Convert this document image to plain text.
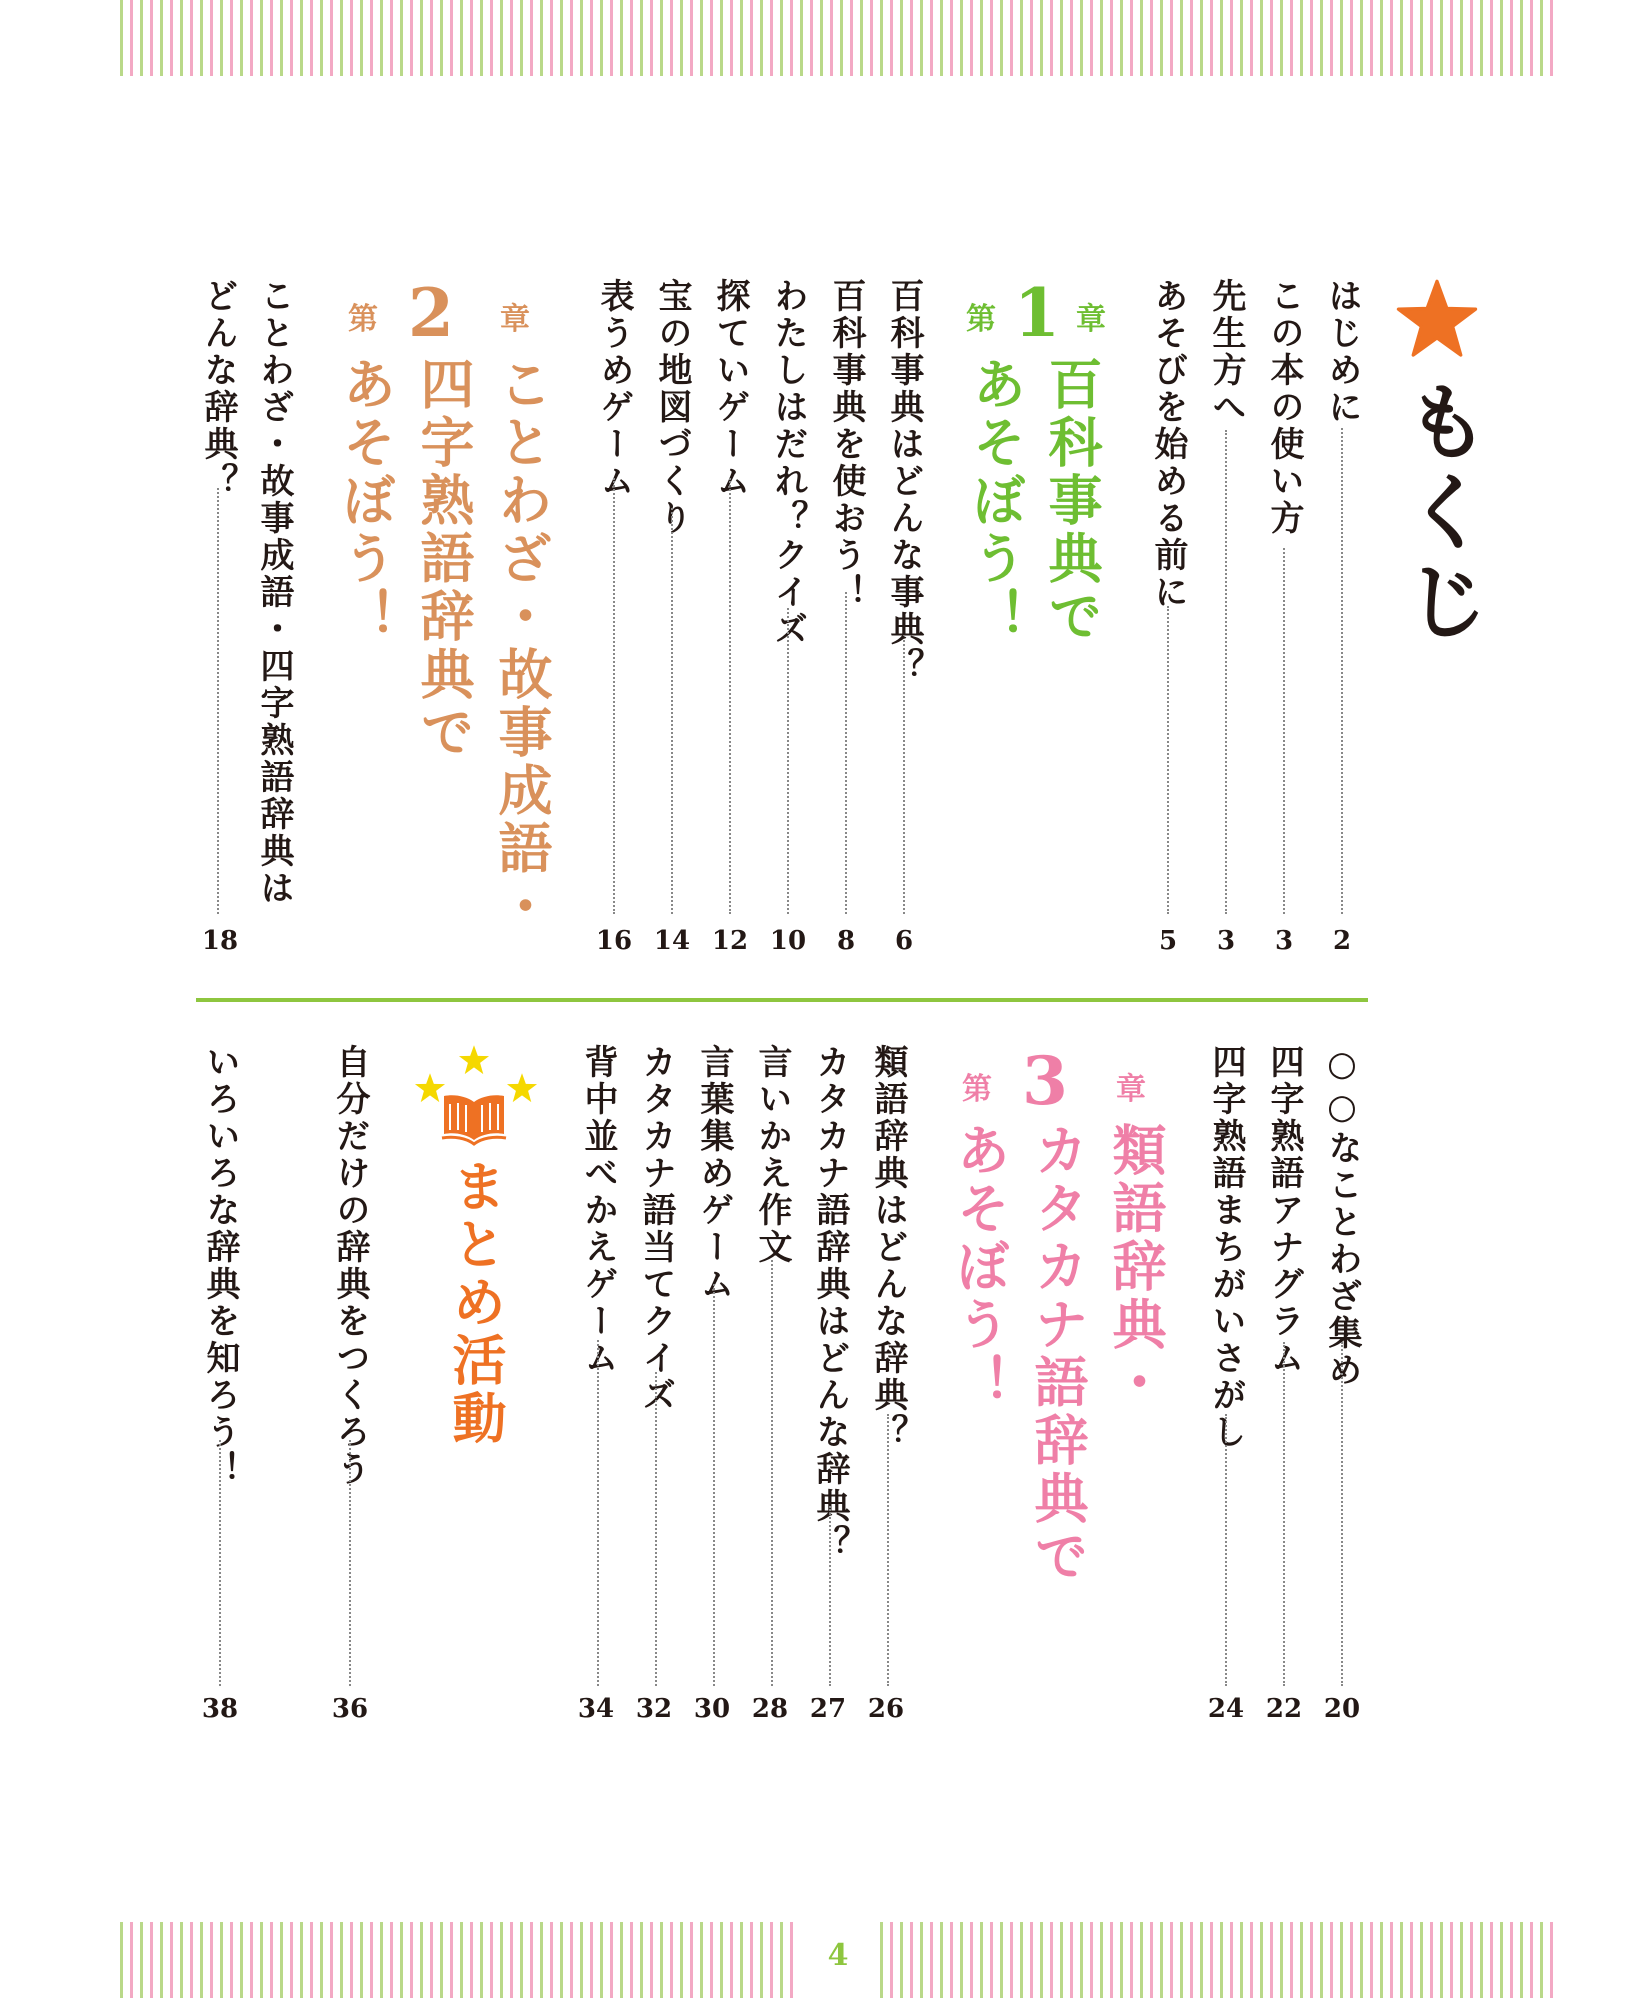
4
もくじ
はじめに
2
この本の使い方
3
先生方へ
3
あそびを始める前に
5
第 1 章
百科事典で
あそぼう！
百科事典はどんな事典？
6
百科事典を使おう！
8
わたしはだれ？クイズ
10
探ていゲーム
12
宝の地図づくり
14
表うめゲーム
16
第 2 章
ことわざ・故事成語・
四字熟語辞典で
あそぼう！
ことわざ・故事成語・四字熟語辞典は
どんな辞典？
18
○○なことわざ集め
20
四字熟語アナグラム
22
四字熟語まちがいさがし
24
第 3 章
類語辞典・
カタカナ語辞典で
あそぼう！
類語辞典はどんな辞典？
26
カタカナ語辞典はどんな辞典？
27
言いかえ作文
28
言葉集めゲーム
30
カタカナ語当てクイズ
32
背中並べかえゲーム
34
まとめ活動
自分だけの辞典をつくろう
36
いろいろな辞典を知ろう！
38
